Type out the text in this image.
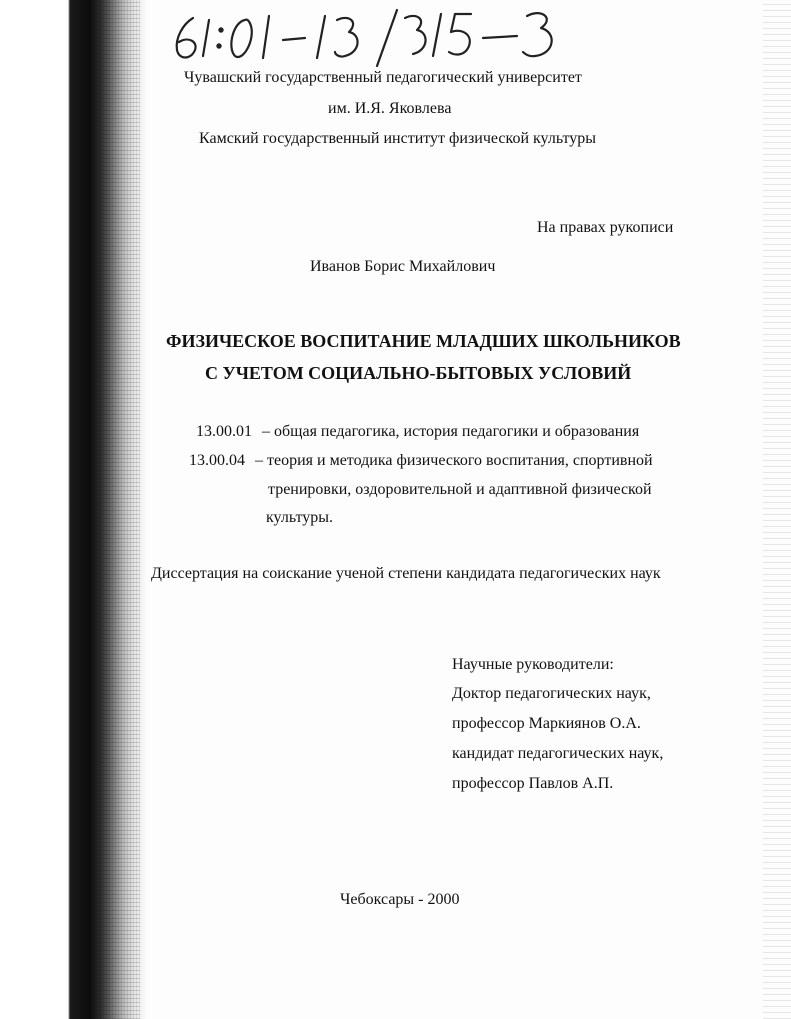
Чувашский государственный педагогический университет
им. И.Я. Яковлева
Камский государственный институт физической культуры
На правах рукописи
Иванов Борис Михайлович
ФИЗИЧЕСКОЕ ВОСПИТАНИЕ МЛАДШИХ ШКОЛЬНИКОВ
С УЧЕТОМ СОЦИАЛЬНО-БЫТОВЫХ УСЛОВИЙ
13.00.01 – общая педагогика, история педагогики и образования
13.00.04 – теория и методика физического воспитания, спортивной
тренировки, оздоровительной и адаптивной физической
культуры.
Диссертация на соискание ученой степени кандидата педагогических наук
Научные руководители:
Доктор педагогических наук,
профессор Маркиянов О.А.
кандидат педагогических наук,
профессор Павлов А.П.
Чебоксары - 2000
